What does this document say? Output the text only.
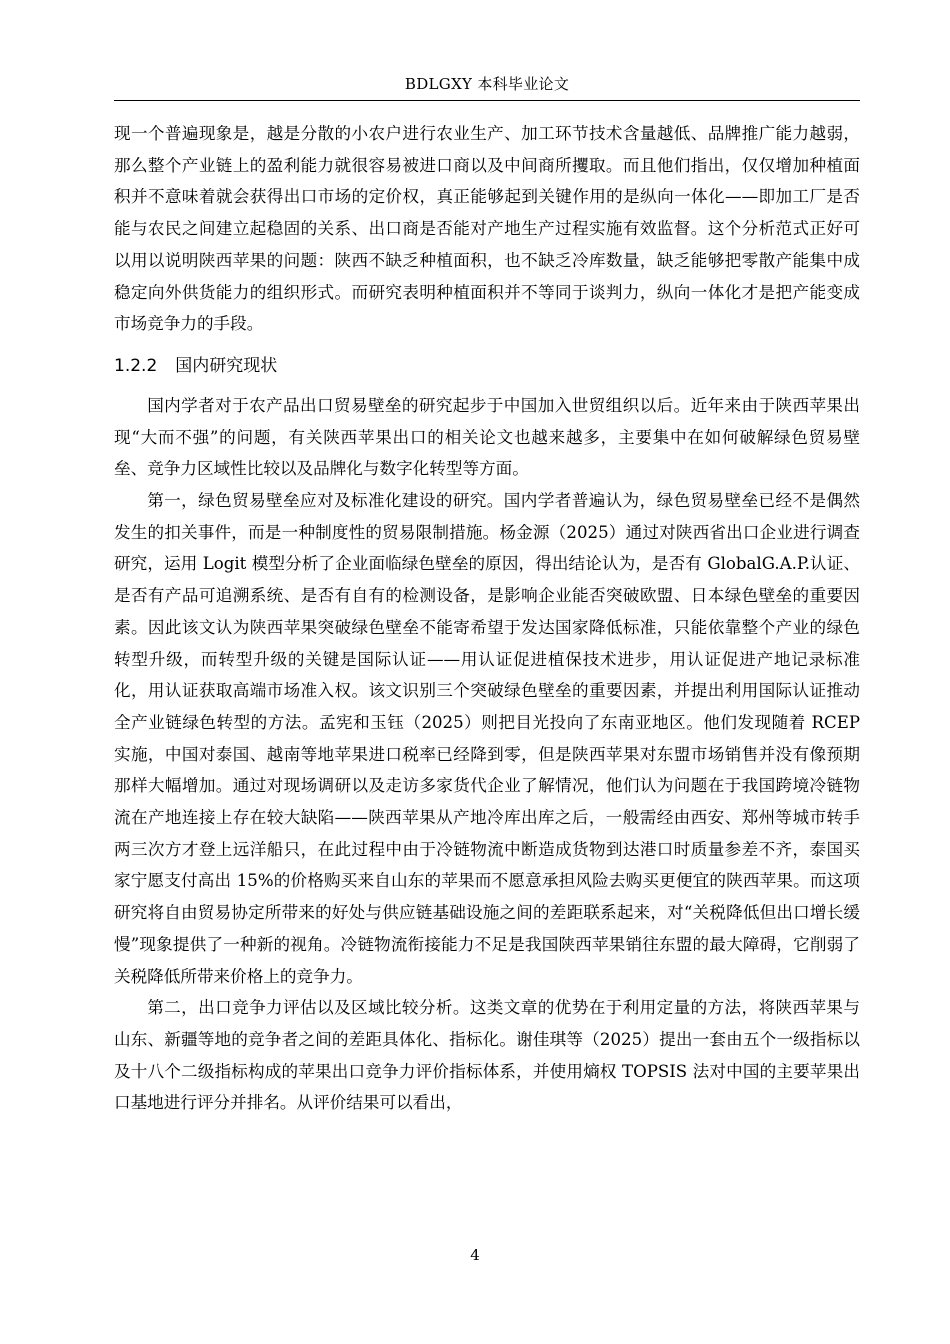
BDLGXY 本科毕业论文

现一个普遍现象是，越是分散的小农户进行农业生产、加工环节技术含量越低、品牌推广能力越弱，那么整个产业链上的盈利能力就很容易被进口商以及中间商所攫取。而且他们指出，仅仅增加种植面积并不意味着就会获得出口市场的定价权，真正能够起到关键作用的是纵向一体化——即加工厂是否能与农民之间建立起稳固的关系、出口商是否能对产地生产过程实施有效监督。这个分析范式正好可以用以说明陕西苹果的问题：陕西不缺乏种植面积，也不缺乏冷库数量，缺乏能够把零散产能集中成稳定向外供货能力的组织形式。而研究表明种植面积并不等同于谈判力，纵向一体化才是把产能变成市场竞争力的手段。

1.2.2 国内研究现状

国内学者对于农产品出口贸易壁垒的研究起步于中国加入世贸组织以后。近年来由于陕西苹果出现“大而不强”的问题，有关陕西苹果出口的相关论文也越来越多，主要集中在如何破解绿色贸易壁垒、竞争力区域性比较以及品牌化与数字化转型等方面。

第一，绿色贸易壁垒应对及标准化建设的研究。国内学者普遍认为，绿色贸易壁垒已经不是偶然发生的扣关事件，而是一种制度性的贸易限制措施。杨金源（2025）通过对陕西省出口企业进行调查研究，运用 Logit 模型分析了企业面临绿色壁垒的原因，得出结论认为，是否有 GlobalG.A.P.认证、是否有产品可追溯系统、是否有自有的检测设备，是影响企业能否突破欧盟、日本绿色壁垒的重要因素。因此该文认为陕西苹果突破绿色壁垒不能寄希望于发达国家降低标准，只能依靠整个产业的绿色转型升级，而转型升级的关键是国际认证——用认证促进植保技术进步，用认证促进产地记录标准化，用认证获取高端市场准入权。该文识别三个突破绿色壁垒的重要因素，并提出利用国际认证推动全产业链绿色转型的方法。孟宪和玉钰（2025）则把目光投向了东南亚地区。他们发现随着 RCEP 实施，中国对泰国、越南等地苹果进口税率已经降到零，但是陕西苹果对东盟市场销售并没有像预期那样大幅增加。通过对现场调研以及走访多家货代企业了解情况，他们认为问题在于我国跨境冷链物流在产地连接上存在较大缺陷——陕西苹果从产地冷库出库之后，一般需经由西安、郑州等城市转手两三次方才登上远洋船只，在此过程中由于冷链物流中断造成货物到达港口时质量参差不齐，泰国买家宁愿支付高出 15%的价格购买来自山东的苹果而不愿意承担风险去购买更便宜的陕西苹果。而这项研究将自由贸易协定所带来的好处与供应链基础设施之间的差距联系起来，对“关税降低但出口增长缓慢”现象提供了一种新的视角。冷链物流衔接能力不足是我国陕西苹果销往东盟的最大障碍，它削弱了关税降低所带来价格上的竞争力。

第二，出口竞争力评估以及区域比较分析。这类文章的优势在于利用定量的方法，将陕西苹果与山东、新疆等地的竞争者之间的差距具体化、指标化。谢佳琪等（2025）提出一套由五个一级指标以及十八个二级指标构成的苹果出口竞争力评价指标体系，并使用熵权 TOPSIS 法对中国的主要苹果出口基地进行评分并排名。从评价结果可以看出，

4
